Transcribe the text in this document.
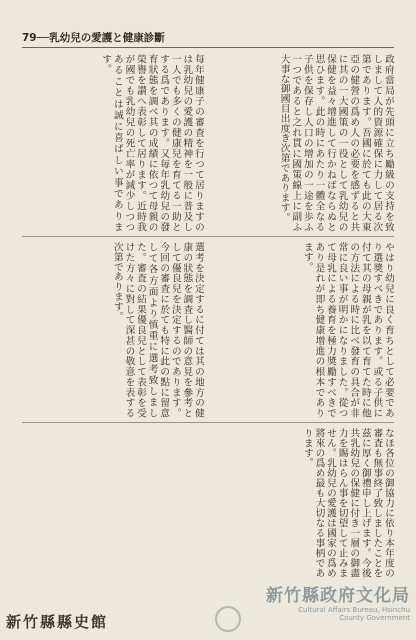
79──乳幼兒の愛護と健康診斷
政府當局が先頭に立ち勵級の支持を致しまして人的資源確保に力して居る次第であります。吾國に於ても此の大東亞の健營の爲め人の必要を感ずると共に其の一大國策の一役として乳幼兒の保健を益々增進して行かねばならぬと思ひます。此の時にあたり一體全なる子供を保存し人口の增加の一途を歩ふ一つであると之れ貫に國策線上に副ふ大事な御國目出度き次第であります。
每年健康子の審査を行つて居りますのは乳幼兒の愛護の精神を一般に普及し一人でも多くの健康兒を育てる一助とする爲であります。又毎年乳幼兒の發育狀態を調べ其の成績に依つて母親の榮譽を讃へ表彰して居ります。近時我が國でも乳幼兒の死亡率が減少しつつあることは誠に喜ばしい事であります。
やはり幼兒に良く育ちとして必要であり選奬すべきであります。或る子供に付て其の母親が乳を以て育てた時に他の方法による時に比べ發育の具合が非常に良い事が明かになりました。從つて母乳による養育を極力奬勵すべきであり是れが即ち健康增進の根本であります。
選考を決定するに付ては其の地方の健康の狀態を調査し醫師の意見を參考として優良兒を決定するのであります。今回の審査に於ても特に此の點に留意して各方面より慎重に選考致しました。審査の結果優良兒として表彰を受けた方々に對して深甚の敬意を表する次第であります。
なほ各位の御協力に依り本年度の審査も無事終了致しましたことを茲に厚く御禮申し上げます。今後共乳幼兒の保健に付き一層の御盡力を賜はらん事を切望して止みません。乳幼兒の愛護は國家の爲め將來の爲め最も大切なる事柄であります。
新竹縣縣史館
新竹縣政府文化局
Cultural Affairs Bureau, Hsinchu
County Government
